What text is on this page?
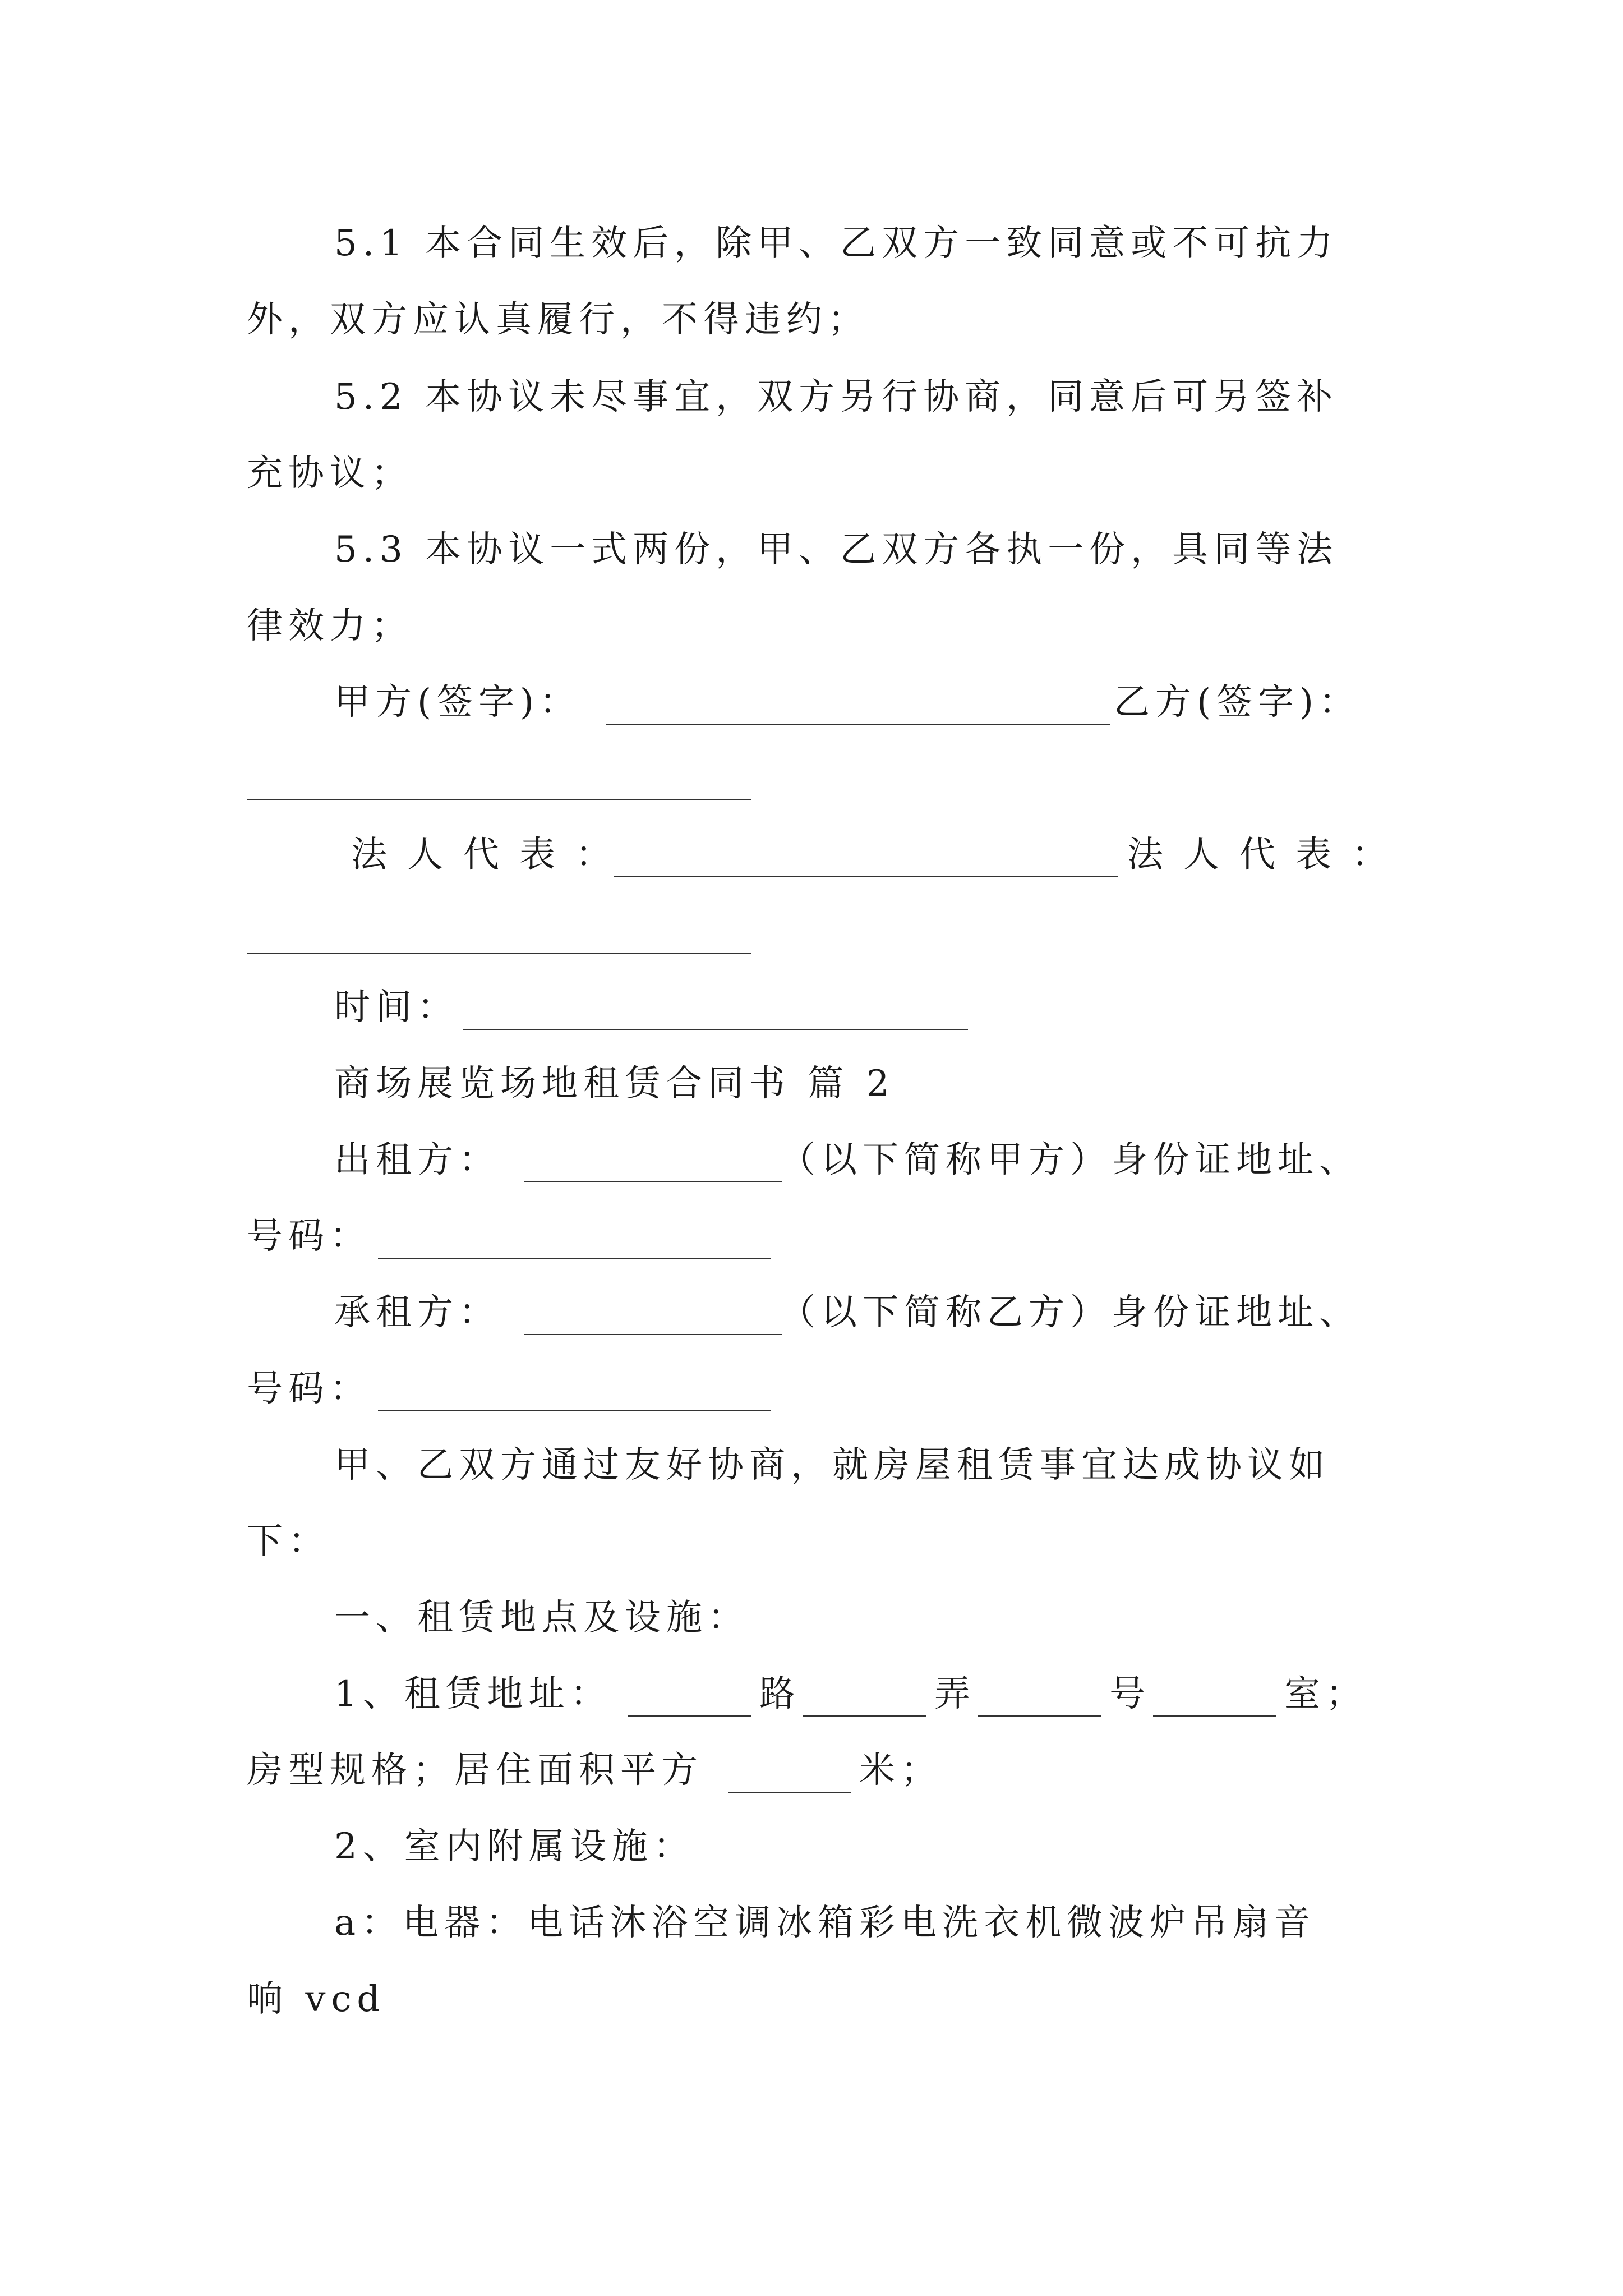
5.1 本合同生效后，除甲、乙双方一致同意或不可抗力

外，双方应认真履行，不得违约；

5.2 本协议未尽事宜，双方另行协商，同意后可另签补

充协议；

5.3 本协议一式两份，甲、乙双方各执一份，具同等法

律效力；

甲方(签字)：	乙方(签字)：

法人代表：	法人代表：

时间：

商场展览场地租赁合同书 篇 2

出租方：	（以下简称甲方）身份证地址、

号码：

承租方：	（以下简称乙方）身份证地址、

号码：

甲、乙双方通过友好协商，就房屋租赁事宜达成协议如

下：

一、租赁地点及设施：

1、租赁地址：	路	弄	号	室；

房型规格；居住面积平方	米；

2、室内附属设施：

a：电器：电话沐浴空调冰箱彩电洗衣机微波炉吊扇音

响 vcd
